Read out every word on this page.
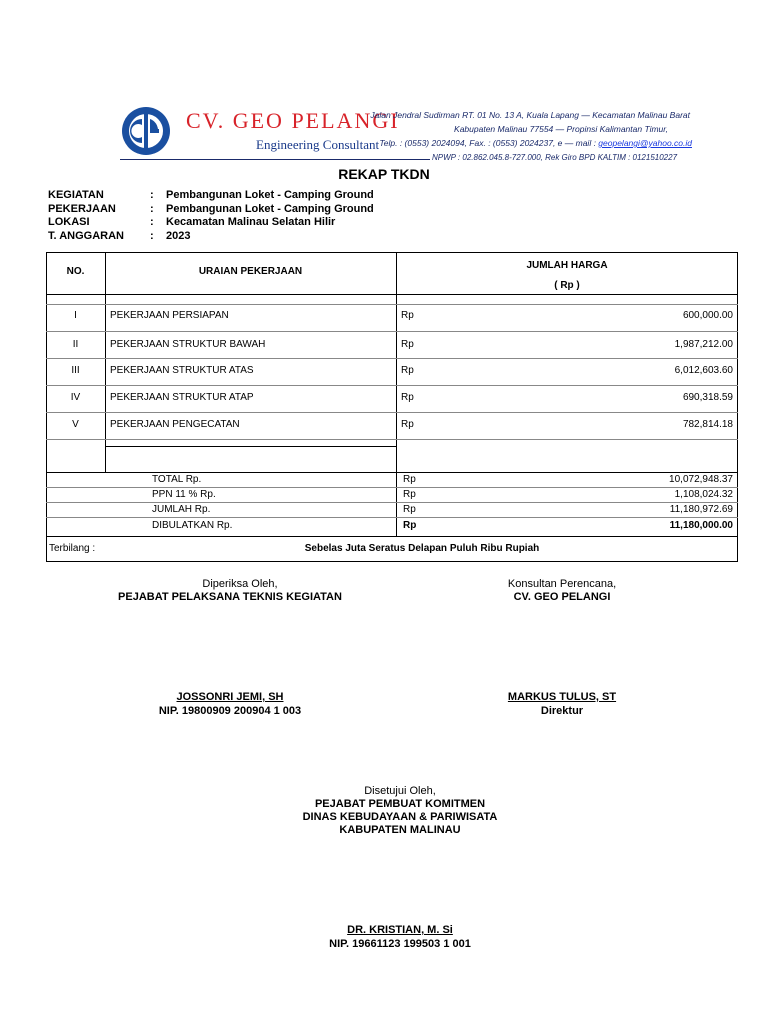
CV. GEO PELANGI
Engineering Consultant
Jalan Jendral Sudirman RT. 01 No. 13 A, Kuala Lapang — Kecamatan Malinau Barat
Kabupaten Malinau 77554 — Propinsi Kalimantan Timur,
Telp. : (0553) 2024094, Fax. : (0553) 2024237, e — mail : geopelangi@yahoo.co.id
NPWP : 02.862.045.8-727.000, Rek Giro BPD KALTIM : 0121510227
REKAP TKDN
KEGIATAN	: Pembangunan Loket - Camping Ground
PEKERJAAN	: Pembangunan Loket - Camping Ground
LOKASI	: Kecamatan Malinau Selatan Hilir
T. ANGGARAN : 2023
NO.	URAIAN PEKERJAAN
JUMLAH HARGA
( Rp )
I	PEKERJAAN PERSIAPAN	Rp	600,000.00
II	PEKERJAAN STRUKTUR BAWAH	Rp	1,987,212.00
III	PEKERJAAN STRUKTUR ATAS	Rp	6,012,603.60
IV	PEKERJAAN STRUKTUR ATAP	Rp	690,318.59
V	PEKERJAAN PENGECATAN	Rp	782,814.18
TOTAL Rp.	Rp	10,072,948.37
PPN 11 % Rp.	Rp	1,108,024.32
JUMLAH Rp.	Rp	11,180,972.69
DIBULATKAN Rp.	Rp	11,180,000.00
Terbilang :	Sebelas Juta Seratus Delapan Puluh Ribu Rupiah
Diperiksa Oleh,
PEJABAT PELAKSANA TEKNIS KEGIATAN
JOSSONRI JEMI, SH
NIP. 19800909 200904 1 003
Konsultan Perencana,
CV. GEO PELANGI
MARKUS TULUS, ST
Direktur
Disetujui Oleh,
PEJABAT PEMBUAT KOMITMEN
DINAS KEBUDAYAAN & PARIWISATA
KABUPATEN MALINAU
DR. KRISTIAN, M. Si
NIP. 19661123 199503 1 001
